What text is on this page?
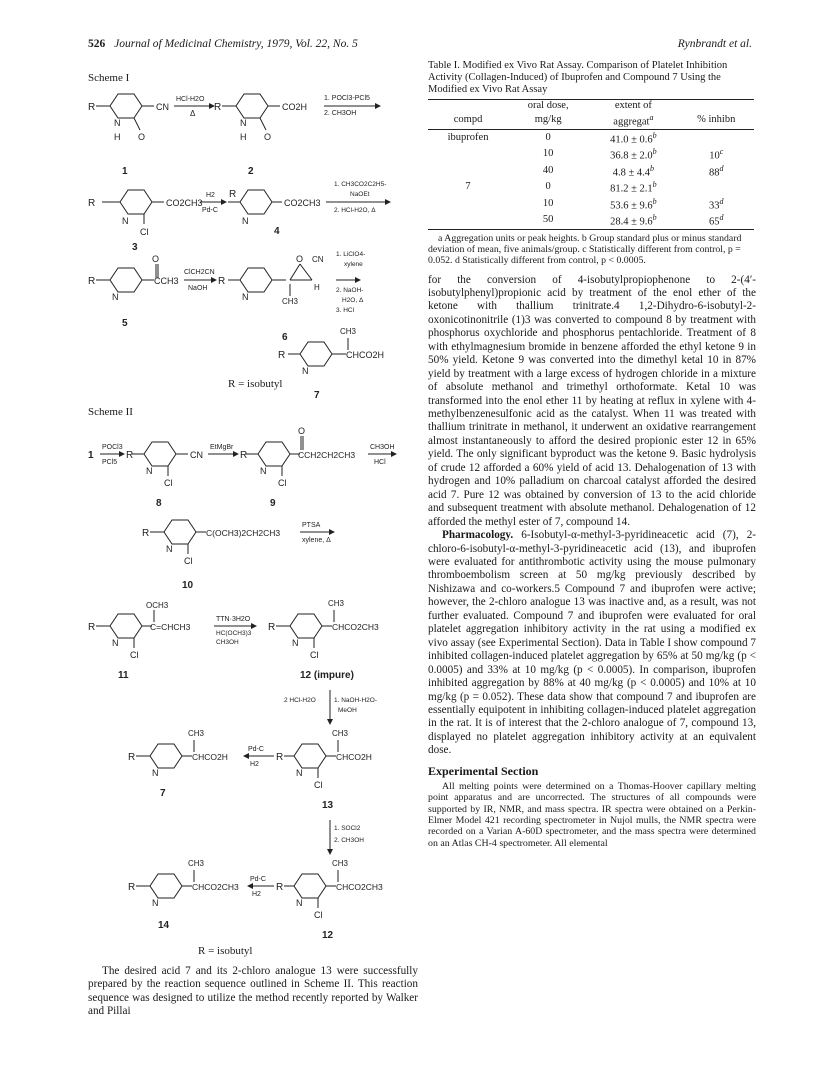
526 Journal of Medicinal Chemistry, 1979, Vol. 22, No. 5	Rynbrandt et al.
Scheme I
R	CN
N
H O
1
HCl-H2O
Δ
R	CO2H
N
H O
2
1. POCl3-PCl5
2. CH3OH
R	CO2CH3
N
Cl
3
H2
Pd-C
R
CO2CH3
N
4
1. CH3CO2C2H5-
NaOEt
2. HCl-H2O, Δ
R
O
CCH3
N
5
ClCH2CN
NaOH
R
O CN
H
CH3
N
6
1. LiClO4-
xylene
2. NaOH-
H2O, Δ
3. HCl
R
CH3
CHCO2H
N
7
R = isobutyl
Scheme II
1
POCl3
PCl5
R	CN
N
Cl
8
EtMgBr
R
O
CCH2CH2CH3
N
Cl
9
CH3OH
HCl
R	C(OCH3)2CH2CH3
N
Cl
10
PTSA
xylene, Δ
R
OCH3
C=CHCH3
N
Cl
11
TTN·3H2O
HC(OCH3)3
CH3OH
R
CH3
CHCO2CH3
N
Cl
12 (impure)
2 HCl-H2O	1. NaOH-H2O-
MeOH
R
CH3
CHCO2H
N
7
Pd-C
H2
R
CH3
CHCO2H
N
Cl
13
1. SOCl2
2. CH3OH
R
CH3
CHCO2CH3
N
14
Pd-C
H2
R
CH3
CHCO2CH3
N
Cl
12
R = isobutyl
The desired acid 7 and its 2-chloro analogue 13 were successfully prepared by the reaction sequence outlined in Scheme II. This reaction sequence was designed to utilize the method recently reported by Walker and Pillai
Table I. Modified ex Vivo Rat Assay. Comparison of Platelet Inhibition Activity (Collagen-Induced) of Ibuprofen and Compound 7 Using the Modified ex Vivo Rat Assay
	oral dose,	extent of	
compd	mg/kg	aggregat$^a$	% inhibn
ibuprofen	0	41.0 ± 0.6$^b$	
	10	36.8 ± 2.0$^b$	10$^c$
	40	4.8 ± 4.4$^b$	88$^d$
7	0	81.2 ± 2.1$^b$	
	10	53.6 ± 9.6$^b$	33$^d$
	50	28.4 ± 9.6$^b$	65$^d$
a Aggregation units or peak heights. b Group standard plus or minus standard deviation of mean, five animals/group. c Statistically different from control, p = 0.052. d Statistically different from control, p < 0.0005.
for the conversion of 4-isobutylpropiophenone to 2-(4′-isobutylphenyl)propionic acid by treatment of the enol ether of the ketone with thallium trinitrate.4 1,2-Dihydro-6-isobutyl-2-oxonicotinonitrile (1)3 was converted to compound 8 by treatment with phosphorus oxychloride and phosphorus pentachloride. Treatment of 8 with ethylmagnesium bromide in benzene afforded the ethyl ketone 9 in 50% yield. Ketone 9 was converted into the dimethyl ketal 10 in 87% yield by treatment with a large excess of hydrogen chloride in a mixture of absolute methanol and trimethyl orthoformate. Ketal 10 was transformed into the enol ether 11 by heating at reflux in xylene with 4-methylbenzenesulfonic acid as the catalyst. When 11 was treated with thallium trinitrate in methanol, it underwent an oxidative rearrangement almost instantaneously to afford the desired propionic ester 12 in 65% yield. The only significant byproduct was the ketone 9. Basic hydrolysis of crude 12 afforded a 60% yield of acid 13. Dehalogenation of 13 with hydrogen and 10% palladium on charcoal catalyst afforded the desired acid 7. Pure 12 was obtained by conversion of 13 to the acid chloride and subsequent treatment with absolute methanol. Dehalogenation of 12 afforded the methyl ester of 7, compound 14.
Pharmacology. 6-Isobutyl-α-methyl-3-pyridineacetic acid (7), 2-chloro-6-isobutyl-α-methyl-3-pyridineacetic acid (13), and ibuprofen were evaluated for antithrombotic activity using the mouse pulmonary thromboembolism screen at 50 mg/kg previously described by Nishizawa and co-workers.5 Compound 7 and ibuprofen were active; however, the 2-chloro analogue 13 was inactive and, as a result, was not further evaluated. Compound 7 and ibuprofen were evaluated for oral platelet aggregation inhibitory activity in the rat using a modified ex vivo assay (see Experimental Section). Data in Table I show compound 7 inhibited collagen-induced platelet aggregation by 65% at 50 mg/kg (p < 0.0005) and 33% at 10 mg/kg (p < 0.0005). In comparison, ibuprofen inhibited aggregation by 88% at 40 mg/kg (p < 0.0005) and 10% at 10 mg/kg (p = 0.052). These data show that compound 7 and ibuprofen are essentially equipotent in inhibiting collagen-induced platelet aggregation in the rat. It is of interest that the 2-chloro analogue of 7, compound 13, displayed no platelet aggregation inhibitory activity at an equivalent dose.
Experimental Section
All melting points were determined on a Thomas-Hoover capillary melting point apparatus and are uncorrected. The structures of all compounds were supported by IR, NMR, and mass spectra. IR spectra were obtained on a Perkin-Elmer Model 421 recording spectrometer in Nujol mulls, the NMR spectra were recorded on a Varian A-60D spectrometer, and the mass spectra were determined on an Atlas CH-4 spectrometer. All elemental
